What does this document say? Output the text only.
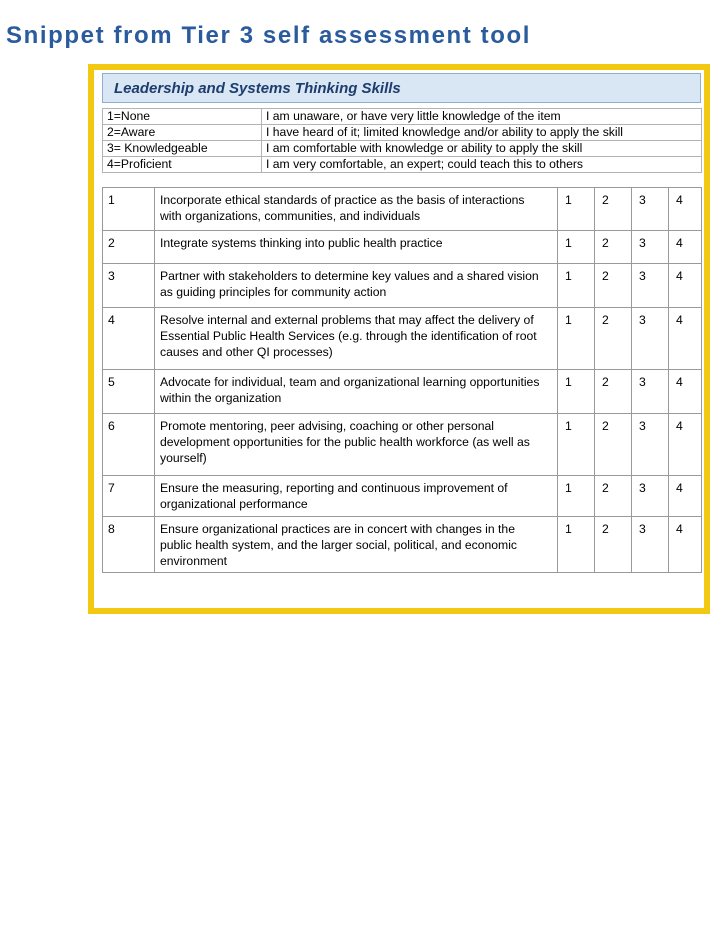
Snippet from Tier 3 self assessment tool
Leadership and Systems Thinking Skills
1=None	I am unaware, or have very little knowledge of the item
2=Aware	I have heard of it; limited knowledge and/or ability to apply the skill
3= Knowledgeable	I am comfortable with knowledge or ability to apply the skill
4=Proficient	I am very comfortable, an expert; could teach this to others
1	Incorporate ethical standards of practice as the basis of interactions with organizations, communities, and individuals	1	2	3	4
2	Integrate systems thinking into public health practice	1	2	3	4
3	Partner with stakeholders to determine key values and a shared vision as guiding principles for community action	1	2	3	4
4	Resolve internal and external problems that may affect the delivery of Essential Public Health Services (e.g. through the identification of root causes and other QI processes)	1	2	3	4
5	Advocate for individual, team and organizational learning opportunities within the organization	1	2	3	4
6	Promote mentoring, peer advising, coaching or other personal development opportunities for the public health workforce (as well as yourself)	1	2	3	4
7	Ensure the measuring, reporting and continuous improvement of organizational performance	1	2	3	4
8	Ensure organizational practices are in concert with changes in the public health system, and the larger social, political, and economic environment	1	2	3	4
